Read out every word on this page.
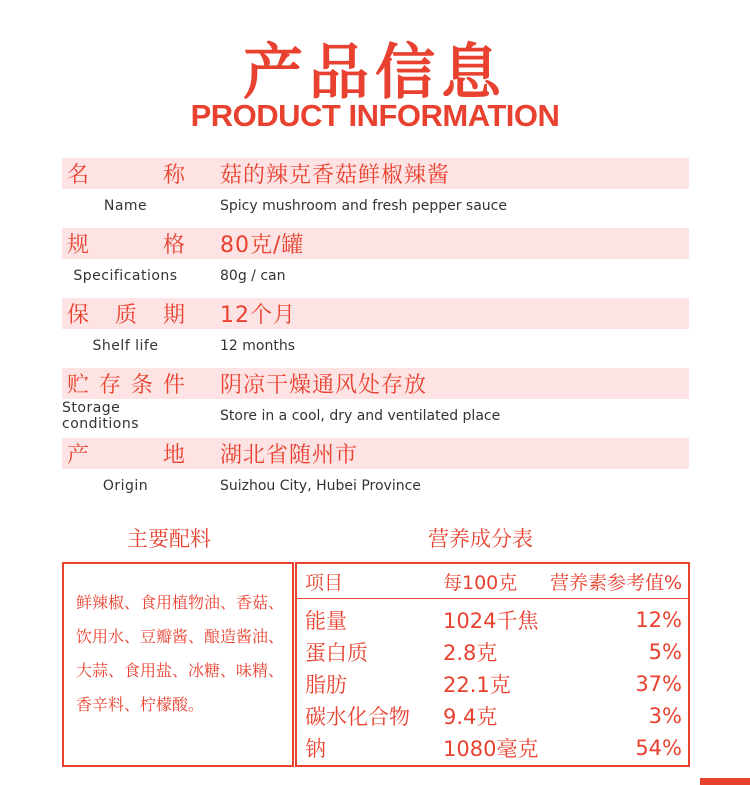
产品信息
PRODUCT INFORMATION
名	称 菇的辣克香菇鲜椒辣酱
Name	Spicy mushroom and fresh pepper sauce
规	格 80克/罐
Specifications	80g / can
保 质 期 12个月
Shelf life	12 months
贮 存 条 件 阴凉干燥通风处存放
Storage conditions	Store in a cool, dry and ventilated place
产	地 湖北省随州市
Origin	Suizhou City, Hubei Province
主要配料	营养成分表
鲜辣椒、食用植物油、香菇、饮用水、豆瓣酱、酿造酱油、大蒜、食用盐、冰糖、味精、香辛料、柠檬酸。
项目	每100克 营养素参考值%
能量	1024千焦	12%
蛋白质	2.8克	5%
脂肪	22.1克	37%
碳水化合物 9.4克	3%
钠	1080毫克	54%
